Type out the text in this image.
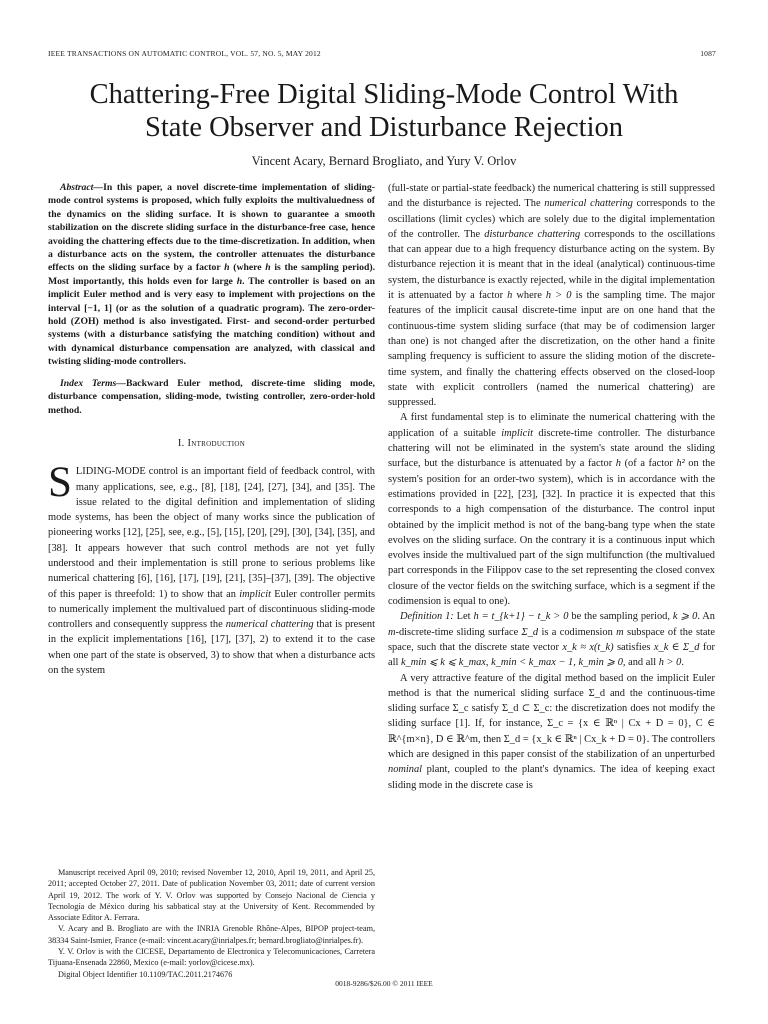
IEEE TRANSACTIONS ON AUTOMATIC CONTROL, VOL. 57, NO. 5, MAY 2012	1087
Chattering-Free Digital Sliding-Mode Control With
State Observer and Disturbance Rejection
Vincent Acary, Bernard Brogliato, and Yury V. Orlov

Abstract—In this paper, a novel discrete-time implementation of sliding-mode control systems is proposed, which fully exploits the multivaluedness of the dynamics on the sliding surface. It is shown to guarantee a smooth stabilization on the discrete sliding surface in the disturbance-free case, hence avoiding the chattering effects due to the time-discretization. In addition, when a disturbance acts on the system, the controller attenuates the disturbance effects on the sliding surface by a factor h (where h is the sampling period). Most importantly, this holds even for large h. The controller is based on an implicit Euler method and is very easy to implement with projections on the interval [−1, 1] (or as the solution of a quadratic program). The zero-order-hold (ZOH) method is also investigated. First- and second-order perturbed systems (with a disturbance satisfying the matching condition) without and with dynamical disturbance compensation are analyzed, with classical and twisting sliding-mode controllers.

Index Terms—Backward Euler method, discrete-time sliding mode, disturbance compensation, sliding-mode, twisting controller, zero-order-hold method.

I. Introduction

SLIDING-MODE control is an important field of feedback control, with many applications, see, e.g., [8], [18], [24], [27], [34], and [35]. The issue related to the digital definition and implementation of sliding mode systems, has been the object of many works since the publication of pioneering works [12], [25], see, e.g., [5], [15], [20], [29], [30], [34], [35], and [38]. It appears however that such control methods are not yet fully understood and their implementation is still prone to serious problems like numerical chattering [6], [16], [17], [19], [21], [35]–[37], [39]. The objective of this paper is threefold: 1) to show that an implicit Euler controller permits to numerically implement the multivalued part of discontinuous sliding-mode controllers and consequently suppress the numerical chattering that is present in the explicit implementations [16], [17], [37], 2) to extend it to the case when one part of the state is observed, 3) to show that when a disturbance acts on the system

Manuscript received April 09, 2010; revised November 12, 2010, April 19, 2011, and April 25, 2011; accepted October 27, 2011. Date of publication November 03, 2011; date of current version April 19, 2012. The work of Y. V. Orlov was supported by Consejo Nacional de Ciencia y Tecnología de México during his sabbatical stay at the University of Kent. Recommended by Associate Editor A. Ferrara.

V. Acary and B. Brogliato are with the INRIA Grenoble Rhône-Alpes, BIPOP project-team, 38334 Saint-Ismier, France (e-mail: vincent.acary@inrialpes.fr; bernard.brogliato@inrialpes.fr).

Y. V. Orlov is with the CICESE, Departamento de Electronica y Telecomunicaciones, Carretera Tijuana-Ensenada 22860, Mexico (e-mail: yorlov@cicese.mx).

Digital Object Identifier 10.1109/TAC.2011.2174676

(full-state or partial-state feedback) the numerical chattering is still suppressed and the disturbance is rejected. The numerical chattering corresponds to the oscillations (limit cycles) which are solely due to the digital implementation of the controller. The disturbance chattering corresponds to the oscillations that can appear due to a high frequency disturbance acting on the system. By disturbance rejection it is meant that in the ideal (analytical) continuous-time system, the disturbance is exactly rejected, while in the digital implementation it is attenuated by a factor h where h > 0 is the sampling time. The major features of the implicit causal discrete-time input are on one hand that the continuous-time system sliding surface (that may be of codimension larger than one) is not changed after the discretization, on the other hand a finite sampling frequency is sufficient to assure the sliding motion of the discrete-time system, and finally the chattering effects observed on the closed-loop state with explicit controllers (named the numerical chattering) are suppressed.

A first fundamental step is to eliminate the numerical chattering with the application of a suitable implicit discrete-time controller. The disturbance chattering will not be eliminated in the system's state around the sliding surface, but the disturbance is attenuated by a factor h (of a factor h² on the system's position for an order-two system), which is in accordance with the estimations provided in [22], [23], [32]. In practice it is expected that this corresponds to a high compensation of the disturbance. The control input obtained by the implicit method is not of the bang-bang type when the state evolves on the sliding surface. On the contrary it is a continuous input which evolves inside the multivalued part of the sign multifunction (the multivalued part corresponds in the Filippov case to the set representing the closed convex closure of the vector fields on the switching surface, which is a segment if the codimension is equal to one).

Definition 1: Let h = t_{k+1} − t_k > 0 be the sampling period, k ⩾ 0. An m-discrete-time sliding surface Σ_d is a codimension m subspace of the state space, such that the discrete state vector x_k ≈ x(t_k) satisfies x_k ∈ Σ_d for all k_min ⩽ k ⩽ k_max, k_min < k_max − 1, k_min ⩾ 0, and all h > 0.

A very attractive feature of the digital method based on the implicit Euler method is that the numerical sliding surface Σ_d and the continuous-time sliding surface Σ_c satisfy Σ_d ⊂ Σ_c: the discretization does not modify the sliding surface [1]. If, for instance, Σ_c = {x ∈ ℝⁿ | Cx + D = 0}, C ∈ ℝ^{m×n}, D ∈ ℝ^m, then Σ_d = {x_k ∈ ℝⁿ | Cx_k + D = 0}. The controllers which are designed in this paper consist of the stabilization of an unperturbed nominal plant, coupled to the plant's dynamics. The idea of keeping exact sliding mode in the discrete case is

0018-9286/$26.00 © 2011 IEEE
